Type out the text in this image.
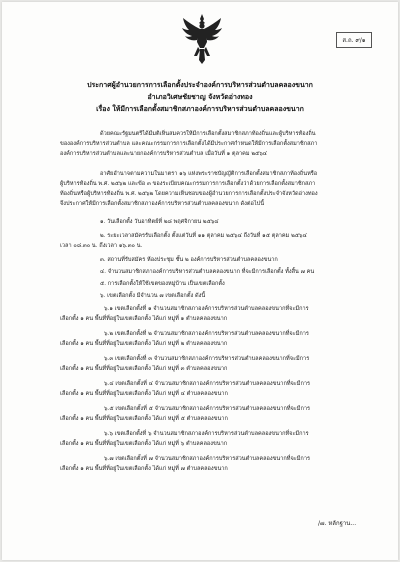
ส.ถ. ๙/๑
ประกาศผู้อำนวยการการเลือกตั้งประจำองค์การบริหารส่วนตำบลคลองขนาก
อำเภอวิเศษชัยชาญ จังหวัดอ่างทอง
เรื่อง ให้มีการเลือกตั้งสมาชิกสภาองค์การบริหารส่วนตำบลคลองขนาก
ด้วยคณะรัฐมนตรีได้มีมติเห็นสมควรให้มีการเลือกตั้งสมาชิกสภาท้องถิ่นและผู้บริหารท้องถิ่น
ขององค์การบริหารส่วนตำบล และคณะกรรมการการเลือกตั้งได้มีประกาศกำหนดให้มีการเลือกตั้งสมาชิกสภา
องค์การบริหารส่วนตำบลและนายกองค์การบริหารส่วนตำบล เมื่อวันที่ ๑ ตุลาคม ๒๕๖๔
อาศัยอำนาจตามความในมาตรา ๑๖ แห่งพระราชบัญญัติการเลือกตั้งสมาชิกสภาท้องถิ่นหรือ
ผู้บริหารท้องถิ่น พ.ศ. ๒๕๖๒ และข้อ ๓ ของระเบียบคณะกรรมการการเลือกตั้งว่าด้วยการเลือกตั้งสมาชิกสภา
ท้องถิ่นหรือผู้บริหารท้องถิ่น พ.ศ. ๒๕๖๒ โดยความเห็นชอบของผู้อำนวยการการเลือกตั้งประจำจังหวัดอ่างทอง
จึงประกาศให้มีการเลือกตั้งสมาชิกสภาองค์การบริหารส่วนตำบลคลองขนาก ดังต่อไปนี้
๑. วันเลือกตั้ง วันอาทิตย์ที่ ๒๘ พฤศจิกายน ๒๕๖๔
๒. ระยะเวลาสมัครรับเลือกตั้ง ตั้งแต่วันที่ ๑๑ ตุลาคม ๒๕๖๔ ถึงวันที่ ๑๕ ตุลาคม ๒๕๖๔
เวลา ๐๘.๓๐ น. ถึงเวลา ๑๖.๓๐ น.
๓. สถานที่รับสมัคร ห้องประชุม ชั้น ๒ องค์การบริหารส่วนตำบลคลองขนาก
๔. จำนวนสมาชิกสภาองค์การบริหารส่วนตำบลคลองขนาก ที่จะมีการเลือกตั้ง ทั้งสิ้น ๗ คน
๕. การเลือกตั้งให้ใช้เขตของหมู่บ้าน เป็นเขตเลือกตั้ง
๖. เขตเลือกตั้ง มีจำนวน ๗ เขตเลือกตั้ง ดังนี้
๖.๑ เขตเลือกตั้งที่ ๑ จำนวนสมาชิกสภาองค์การบริหารส่วนตำบลคลองขนากที่จะมีการ
เลือกตั้ง ๑ คน พื้นที่ที่อยู่ในเขตเลือกตั้ง ได้แก่ หมู่ที่ ๑ ตำบลคลองขนาก
๖.๒ เขตเลือกตั้งที่ ๒ จำนวนสมาชิกสภาองค์การบริหารส่วนตำบลคลองขนากที่จะมีการ
เลือกตั้ง ๑ คน พื้นที่ที่อยู่ในเขตเลือกตั้ง ได้แก่ หมู่ที่ ๒ ตำบลคลองขนาก
๖.๓ เขตเลือกตั้งที่ ๓ จำนวนสมาชิกสภาองค์การบริหารส่วนตำบลคลองขนากที่จะมีการ
เลือกตั้ง ๑ คน พื้นที่ที่อยู่ในเขตเลือกตั้ง ได้แก่ หมู่ที่ ๓ ตำบลคลองขนาก
๖.๔ เขตเลือกตั้งที่ ๔ จำนวนสมาชิกสภาองค์การบริหารส่วนตำบลคลองขนากที่จะมีการ
เลือกตั้ง ๑ คน พื้นที่ที่อยู่ในเขตเลือกตั้ง ได้แก่ หมู่ที่ ๔ ตำบลคลองขนาก
๖.๕ เขตเลือกตั้งที่ ๕ จำนวนสมาชิกสภาองค์การบริหารส่วนตำบลคลองขนากที่จะมีการ
เลือกตั้ง ๑ คน พื้นที่ที่อยู่ในเขตเลือกตั้ง ได้แก่ หมู่ที่ ๕ ตำบลคลองขนาก
๖.๖ เขตเลือกตั้งที่ ๖ จำนวนสมาชิกสภาองค์การบริหารส่วนตำบลคลองขนากที่จะมีการ
เลือกตั้ง ๑ คน พื้นที่ที่อยู่ในเขตเลือกตั้ง ได้แก่ หมู่ที่ ๖ ตำบลคลองขนาก
๖.๗ เขตเลือกตั้งที่ ๗ จำนวนสมาชิกสภาองค์การบริหารส่วนตำบลคลองขนากที่จะมีการ
เลือกตั้ง ๑ คน พื้นที่ที่อยู่ในเขตเลือกตั้ง ได้แก่ หมู่ที่ ๗ ตำบลคลองขนาก
/๗. หลักฐาน...
